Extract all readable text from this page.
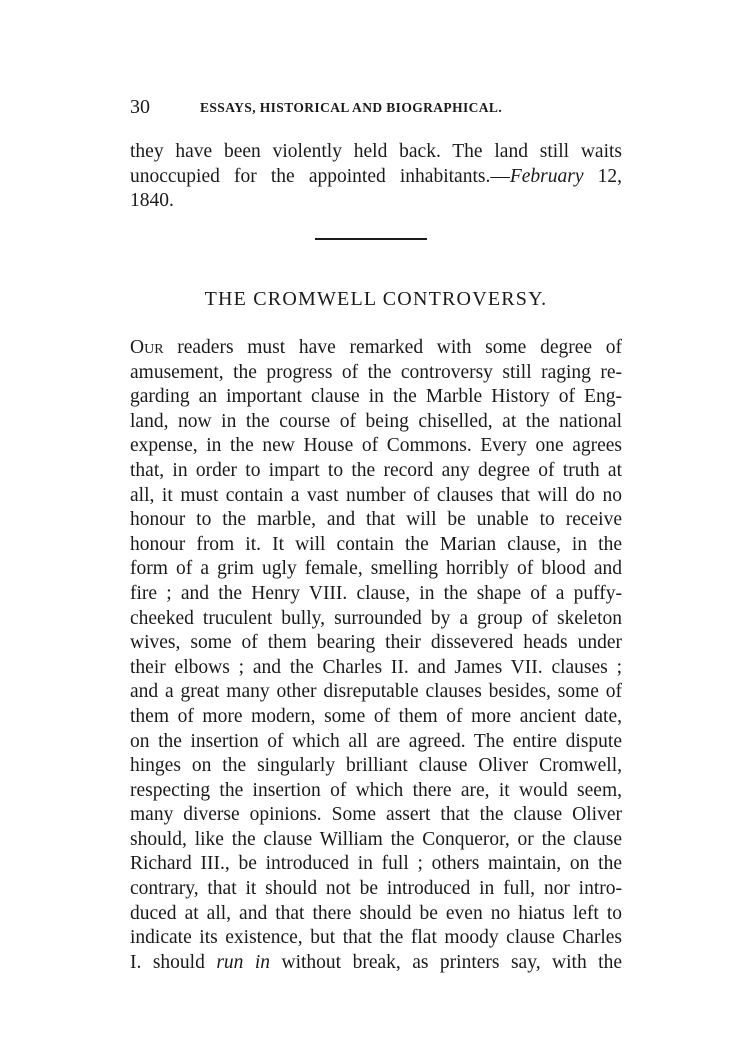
30	ESSAYS, HISTORICAL AND BIOGRAPHICAL.
they have been violently held back. The land still waits
unoccupied for the appointed inhabitants.—February 12,
1840.
THE CROMWELL CONTROVERSY.
Our readers must have remarked with some degree of
amusement, the progress of the controversy still raging re-
garding an important clause in the Marble History of Eng-
land, now in the course of being chiselled, at the national
expense, in the new House of Commons. Every one agrees
that, in order to impart to the record any degree of truth at
all, it must contain a vast number of clauses that will do no
honour to the marble, and that will be unable to receive
honour from it. It will contain the Marian clause, in the
form of a grim ugly female, smelling horribly of blood and
fire ; and the Henry VIII. clause, in the shape of a puffy-
cheeked truculent bully, surrounded by a group of skeleton
wives, some of them bearing their dissevered heads under
their elbows ; and the Charles II. and James VII. clauses ;
and a great many other disreputable clauses besides, some of
them of more modern, some of them of more ancient date,
on the insertion of which all are agreed. The entire dispute
hinges on the singularly brilliant clause Oliver Cromwell,
respecting the insertion of which there are, it would seem,
many diverse opinions. Some assert that the clause Oliver
should, like the clause William the Conqueror, or the clause
Richard III., be introduced in full ; others maintain, on the
contrary, that it should not be introduced in full, nor intro-
duced at all, and that there should be even no hiatus left to
indicate its existence, but that the flat moody clause Charles
I. should run in without break, as printers say, with the
